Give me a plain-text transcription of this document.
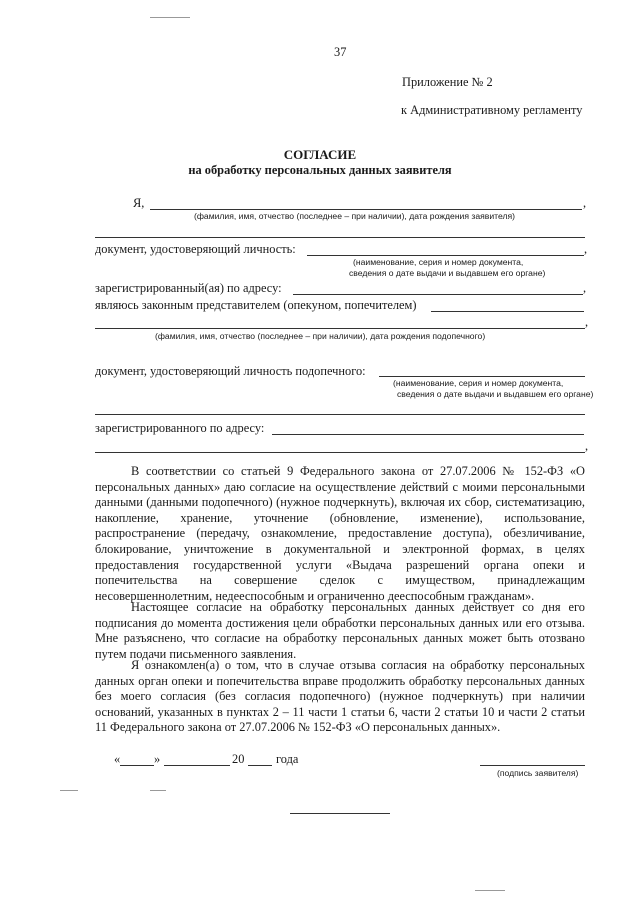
37
Приложение № 2
к Административному регламенту
СОГЛАСИЕ
на обработку персональных данных заявителя
Я,	,
(фамилия, имя, отчество (последнее – при наличии), дата рождения заявителя)
документ, удостоверяющий личность:	,
(наименование, серия и номер документа,
сведения о дате выдачи и выдавшем его органе)
зарегистрированный(ая) по адресу:	,
являюсь законным представителем (опекуном, попечителем)
,
(фамилия, имя, отчество (последнее – при наличии), дата рождения подопечного)
документ, удостоверяющий личность подопечного:
(наименование, серия и номер документа,
сведения о дате выдачи и выдавшем его органе)
зарегистрированного по адресу:
,
В соответствии со статьей 9 Федерального закона от 27.07.2006 № 152-ФЗ «О персональных данных» даю согласие на осуществление действий с моими персональными данными (данными подопечного) (нужное подчеркнуть), включая их сбор, систематизацию, накопление, хранение, уточнение (обновление, изменение), использование, распространение (передачу, ознакомление, предоставление доступа), обезличивание, блокирование, уничтожение в документальной и электронной формах, в целях предоставления государственной услуги «Выдача разрешений органа опеки и попечительства на совершение сделок с имуществом, принадлежащим несовершеннолетним, недееспособным и ограниченно дееспособным гражданам».
Настоящее согласие на обработку персональных данных действует со дня его подписания до момента достижения цели обработки персональных данных или его отзыва. Мне разъяснено, что согласие на обработку персональных данных может быть отозвано путем подачи письменного заявления.
Я ознакомлен(а) о том, что в случае отзыва согласия на обработку персональных данных орган опеки и попечительства вправе продолжить обработку персональных данных без моего согласия (без согласия подопечного) (нужное подчеркнуть) при наличии оснований, указанных в пунктах 2 – 11 части 1 статьи 6, части 2 статьи 10 и части 2 статьи 11 Федерального закона от 27.07.2006 № 152-ФЗ «О персональных данных».
«	»	20	года
(подпись заявителя)
